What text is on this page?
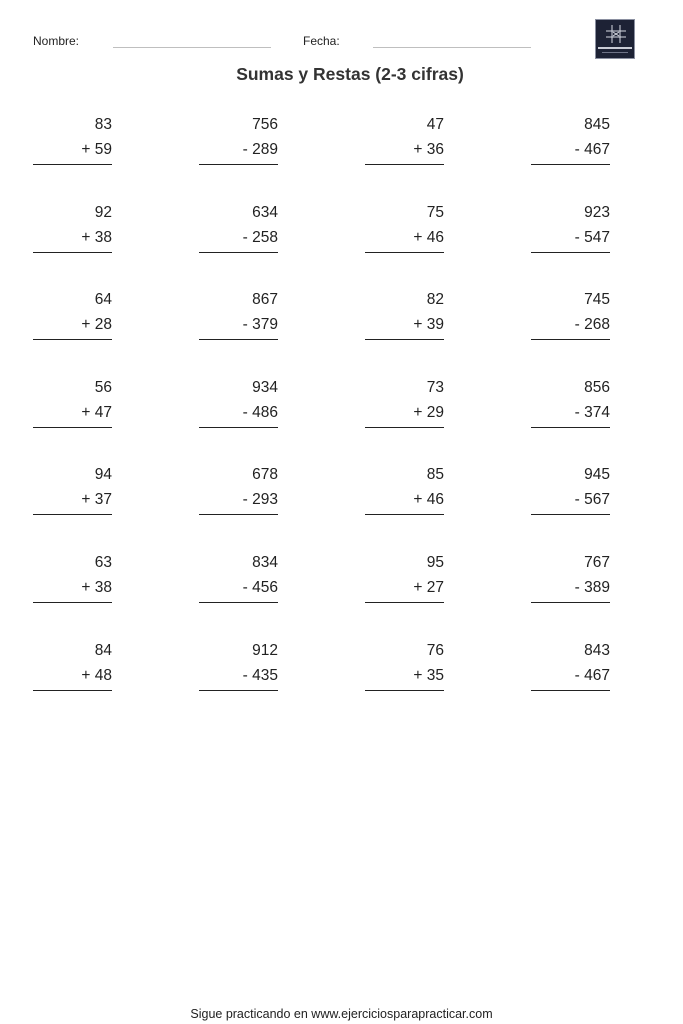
Nombre:	Fecha:
Sumas y Restas (2-3 cifras)
83
+ 59
756
- 289
47
+ 36
845
- 467
92
+ 38
634
- 258
75
+ 46
923
- 547
64
+ 28
867
- 379
82
+ 39
745
- 268
56
+ 47
934
- 486
73
+ 29
856
- 374
94
+ 37
678
- 293
85
+ 46
945
- 567
63
+ 38
834
- 456
95
+ 27
767
- 389
84
+ 48
912
- 435
76
+ 35
843
- 467
Sigue practicando en www.ejerciciosparapracticar.com
